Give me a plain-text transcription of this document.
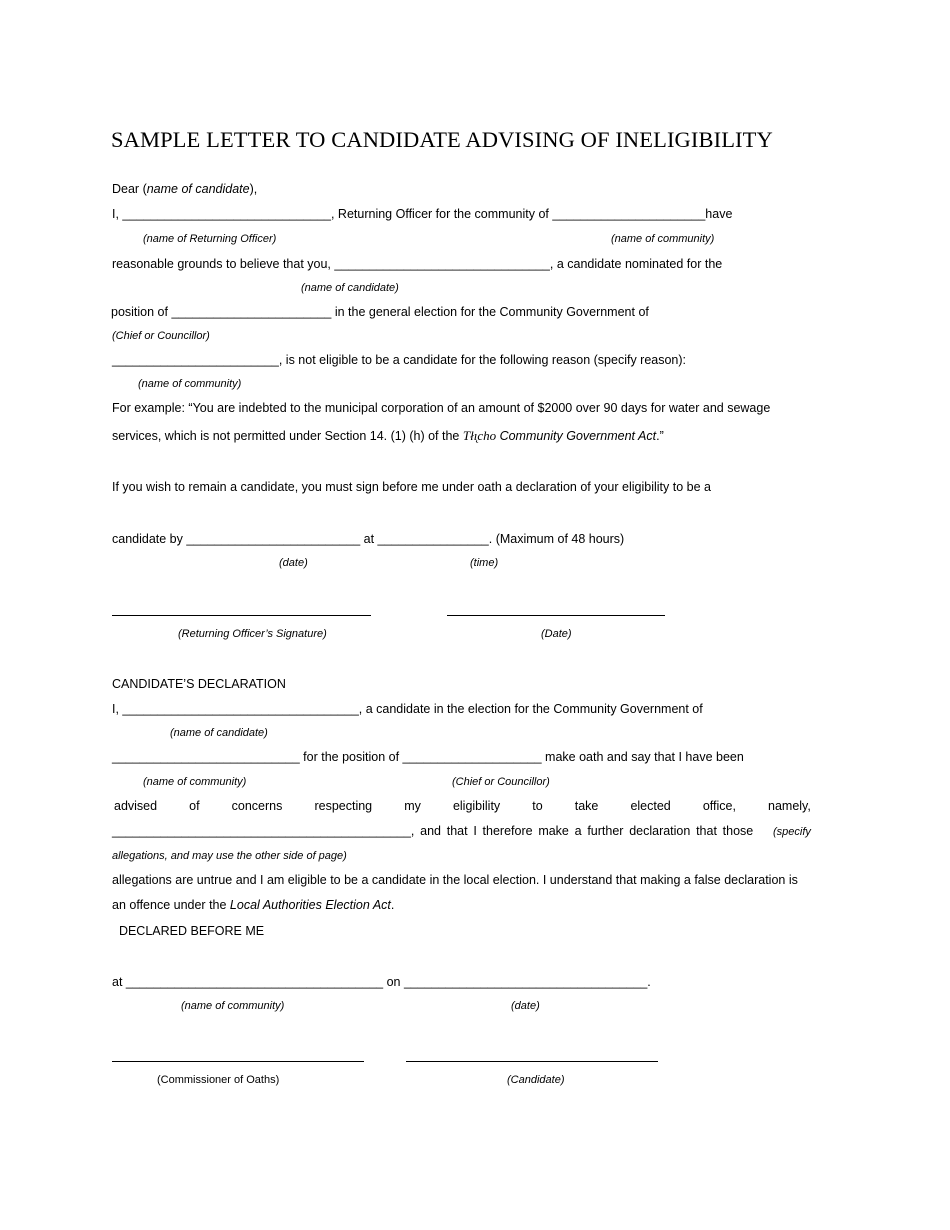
SAMPLE LETTER TO CANDIDATE ADVISING OF INELIGIBILITY
Dear (name of candidate),
I, ______________________________, Returning Officer for the community of ______________________have
(name of Returning Officer)	(name of community)
reasonable grounds to believe that you, _______________________________, a candidate nominated for the
(name of candidate)
position of _______________________ in the general election for the Community Government of
(Chief or Councillor)
________________________, is not eligible to be a candidate for the following reason (specify reason):
(name of community)
For example: “You are indebted to the municipal corporation of an amount of $2000 over 90 days for water and sewage
services, which is not permitted under Section 14. (1) (h) of the Tłı̨cho Community Government Act.”
If you wish to remain a candidate, you must sign before me under oath a declaration of your eligibility to be a
candidate by _________________________ at ________________. (Maximum of 48 hours)
(date)	(time)
(Returning Officer’s Signature)	(Date)
CANDIDATE’S DECLARATION
I, __________________________________, a candidate in the election for the Community Government of
(name of candidate)
___________________________ for the position of ____________________ make oath and say that I have been
(name of community)	(Chief or Councillor)
advised	of	concerns	respecting	my	eligibility	to	take	elected	office,	namely,
___________________________________________, and that I therefore make a further declaration that those	(specify
allegations, and may use the other side of page)
allegations are untrue and I am eligible to be a candidate in the local election. I understand that making a false declaration is
an offence under the Local Authorities Election Act.
DECLARED BEFORE ME
at _____________________________________ on ___________________________________.
(name of community)	(date)
(Commissioner of Oaths)	(Candidate)
